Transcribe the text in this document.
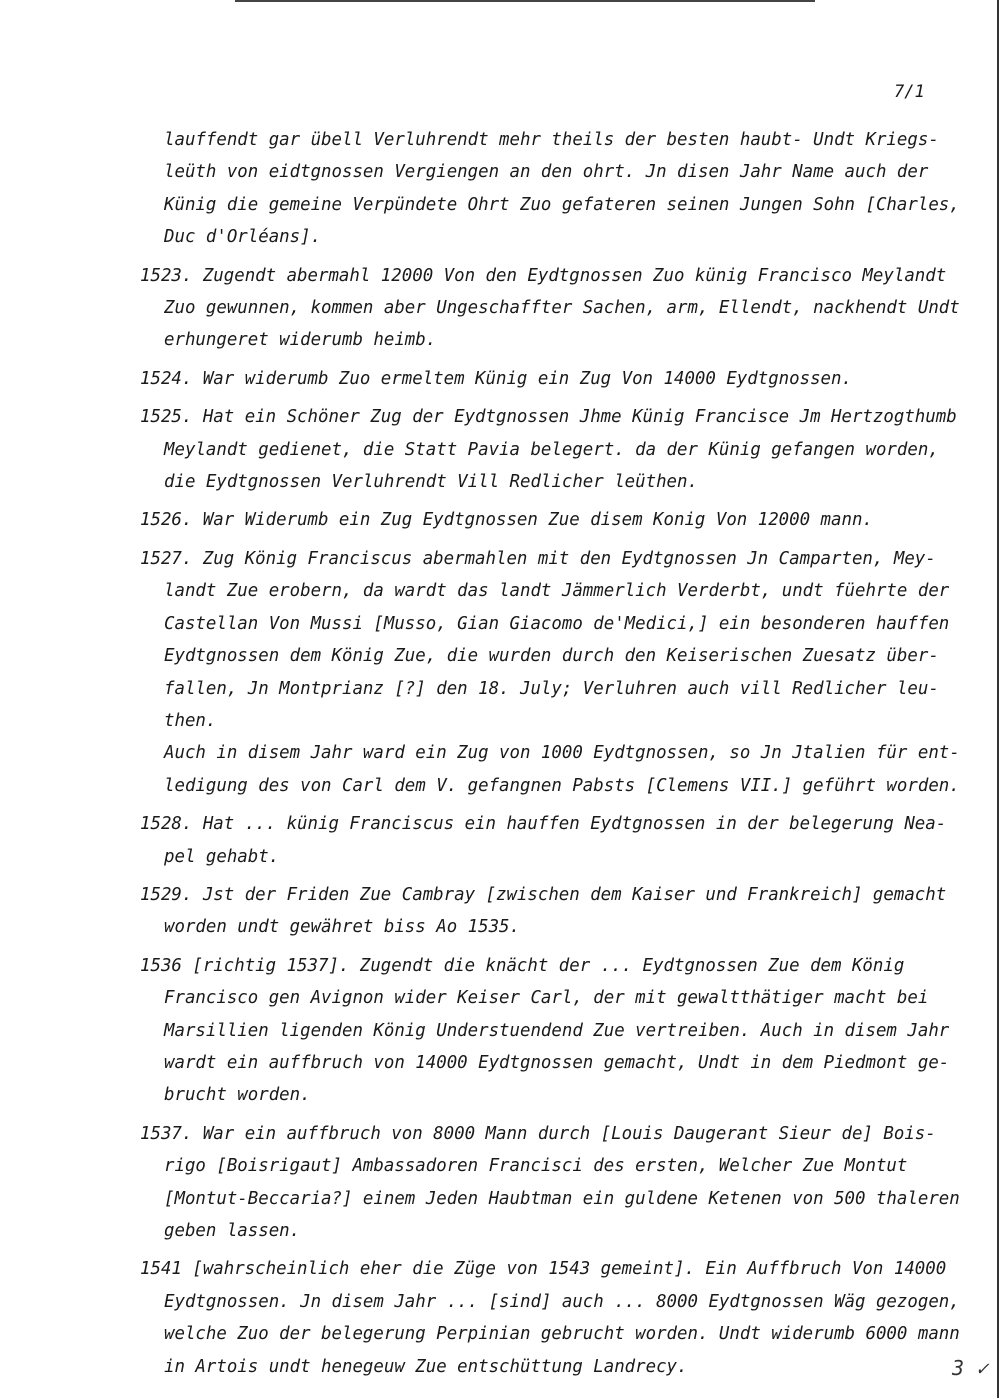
7/1
lauffendt gar übell Verluhrendt mehr theils der besten haubt- Undt Kriegs-
leüth von eidtgnossen Vergiengen an den ohrt. Jn disen Jahr Name auch der
Künig die gemeine Verpündete Ohrt Zuo gefateren seinen Jungen Sohn [Charles,
Duc d'Orléans].
1523. Zugendt abermahl 12000 Von den Eydtgnossen Zuo künig Francisco Meylandt
Zuo gewunnen, kommen aber Ungeschaffter Sachen, arm, Ellendt, nackhendt Undt
erhungeret widerumb heimb.
1524. War widerumb Zuo ermeltem Künig ein Zug Von 14000 Eydtgnossen.
1525. Hat ein Schöner Zug der Eydtgnossen Jhme Künig Francisce Jm Hertzogthumb
Meylandt gedienet, die Statt Pavia belegert. da der Künig gefangen worden,
die Eydtgnossen Verluhrendt Vill Redlicher leüthen.
1526. War Widerumb ein Zug Eydtgnossen Zue disem Konig Von 12000 mann.
1527. Zug König Franciscus abermahlen mit den Eydtgnossen Jn Camparten, Mey-
landt Zue erobern, da wardt das landt Jämmerlich Verderbt, undt füehrte der
Castellan Von Mussi [Musso, Gian Giacomo de'Medici,] ein besonderen hauffen
Eydtgnossen dem König Zue, die wurden durch den Keiserischen Zuesatz über-
fallen, Jn Montprianz [?] den 18. July; Verluhren auch vill Redlicher leu-
then.
Auch in disem Jahr ward ein Zug von 1000 Eydtgnossen, so Jn Jtalien für ent-
ledigung des von Carl dem V. gefangnen Pabsts [Clemens VII.] geführt worden.
1528. Hat ... künig Franciscus ein hauffen Eydtgnossen in der belegerung Nea-
pel gehabt.
1529. Jst der Friden Zue Cambray [zwischen dem Kaiser und Frankreich] gemacht
worden undt gewähret biss Ao 1535.
1536 [richtig 1537]. Zugendt die knächt der ... Eydtgnossen Zue dem König
Francisco gen Avignon wider Keiser Carl, der mit gewaltthätiger macht bei
Marsillien ligenden König Understuendend Zue vertreiben. Auch in disem Jahr
wardt ein auffbruch von 14000 Eydtgnossen gemacht, Undt in dem Piedmont ge-
brucht worden.
1537. War ein auffbruch von 8000 Mann durch [Louis Daugerant Sieur de] Bois-
rigo [Boisrigaut] Ambassadoren Francisci des ersten, Welcher Zue Montut
[Montut-Beccaria?] einem Jeden Haubtman ein guldene Ketenen von 500 thaleren
geben lassen.
1541 [wahrscheinlich eher die Züge von 1543 gemeint]. Ein Auffbruch Von 14000
Eydtgnossen. Jn disem Jahr ... [sind] auch ... 8000 Eydtgnossen Wäg gezogen,
welche Zuo der belegerung Perpinian gebrucht worden. Undt widerumb 6000 mann
in Artois undt henegeuw Zue entschüttung Landrecy.	3 ✓
